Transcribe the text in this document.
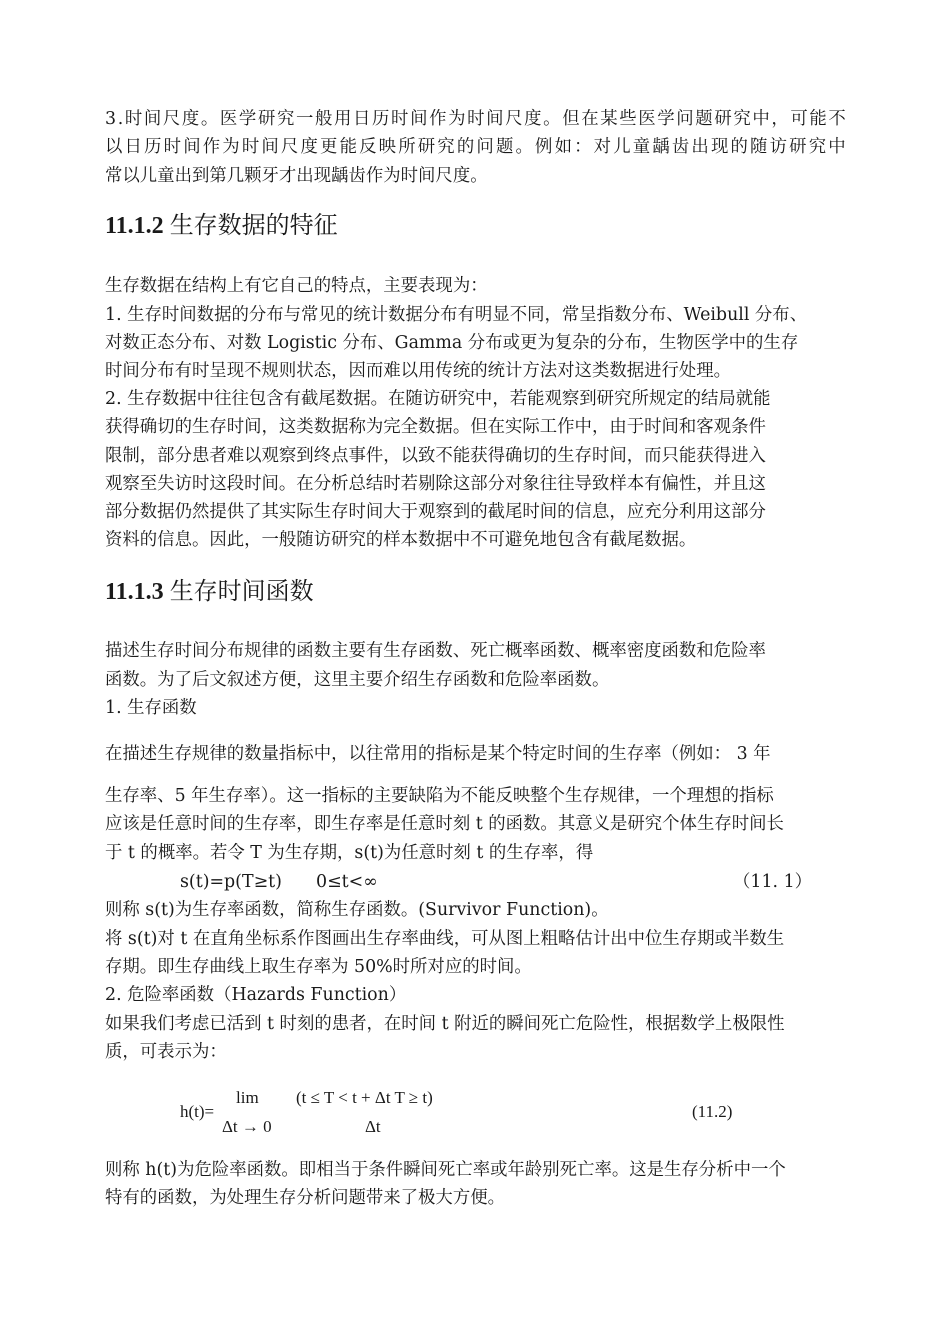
3 . 时 间 尺 度 。 医 学 研 究 一 般 用 日 历 时 间 作 为 时 间 尺 度 。 但 在 某 些 医 学 问 题 研 究 中 ， 可 能 不
以 日 历 时 间 作 为 时 间 尺 度 更 能 反 映 所 研 究 的 问 题 。 例 如 ： 对 儿 童 龋 齿 出 现 的 随 访 研 究 中
常以儿童出到第几颗牙才出现龋齿作为时间尺度。
11.1.2 生存数据的特征
生存数据在结构上有它自己的特点，主要表现为：
1. 生存时间数据的分布与常见的统计数据分布有明显不同，常呈指数分布、Weibull 分布、
对数正态分布、对数 Logistic 分布、Gamma 分布或更为复杂的分布，生物医学中的生存
时间分布有时呈现不规则状态，因而难以用传统的统计方法对这类数据进行处理。
2. 生存数据中往往包含有截尾数据。在随访研究中，若能观察到研究所规定的结局就能
获得确切的生存时间，这类数据称为完全数据。但在实际工作中，由于时间和客观条件
限制，部分患者难以观察到终点事件，以致不能获得确切的生存时间，而只能获得进入
观察至失访时这段时间。在分析总结时若剔除这部分对象往往导致样本有偏性，并且这
部分数据仍然提供了其实际生存时间大于观察到的截尾时间的信息，应充分利用这部分
资料的信息。因此，一般随访研究的样本数据中不可避免地包含有截尾数据。
11.1.3 生存时间函数
描述生存时间分布规律的函数主要有生存函数、死亡概率函数、概率密度函数和危险率
函数。为了后文叙述方便，这里主要介绍生存函数和危险率函数。
1. 生存函数
在描述生存规律的数量指标中，以往常用的指标是某个特定时间的生存率（例如： 3 年
生存率、5 年生存率）。这一指标的主要缺陷为不能反映整个生存规律，一个理想的指标
应该是任意时间的生存率，即生存率是任意时刻 t 的函数。其意义是研究个体生存时间长
于 t 的概率。若令 T 为生存期，s(t)为任意时刻 t 的生存率，得
s(t)=p(T≥t) 0≤t<∞	（11. 1）
则称 s(t)为生存率函数，简称生存函数。(Survivor Function)。
将 s(t)对 t 在直角坐标系作图画出生存率曲线，可从图上粗略估计出中位生存期或半数生
存期。即生存曲线上取生存率为 50%时所对应的时间。
2. 危险率函数（Hazards Function）
如果我们考虑已活到 t 时刻的患者，在时间 t 附近的瞬间死亡危险性，根据数学上极限性
质，可表示为：
lim (t ≤ T < t + Δt T ≥ t)
h(t)=	(11.2)
Δt → 0	Δt
则称 h(t)为危险率函数。即相当于条件瞬间死亡率或年龄别死亡率。这是生存分析中一个
特有的函数，为处理生存分析问题带来了极大方便。
